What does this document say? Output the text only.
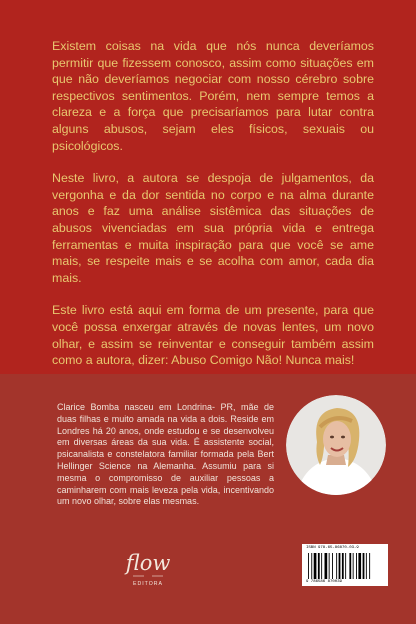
Existem coisas na vida que nós nunca deveríamos permitir que fizessem conosco, assim como situações em que não deveríamos negociar com nosso cérebro sobre respectivos sentimentos. Porém, nem sempre temos a clareza e a força que precisaríamos para lutar contra alguns abusos, sejam eles físicos, sexuais ou psicológicos.

Neste livro, a autora se despoja de julgamentos, da vergonha e da dor sentida no corpo e na alma durante anos e faz uma análise sistêmica das situações de abusos vivenciadas em sua própria vida e entrega ferramentas e muita inspiração para que você se ame mais, se respeite mais e se acolha com amor, cada dia mais.

Este livro está aqui em forma de um presente, para que você possa enxergar através de novas lentes, um novo olhar, e assim se reinventar e conseguir também assim como a autora, dizer: Abuso Comigo Não! Nunca mais!

Clarice Bomba nasceu em Londrina- PR, mãe de duas filhas e muito amada na vida a dois. Reside em Londres há 20 anos, onde estudou e se desenvolveu em diversas áreas da sua vida. É assistente social, psicanalista e constelatora familiar formada pela Bert Hellinger Science na Alemanha. Assumiu para si mesma o compromisso de auxiliar pessoas a caminharem com mais leveza pela vida, incentivando um novo olhar, sobre elas mesmas.
flow
EDITORA
ISBN 978-65-86870-03-9
9 786586 870039
